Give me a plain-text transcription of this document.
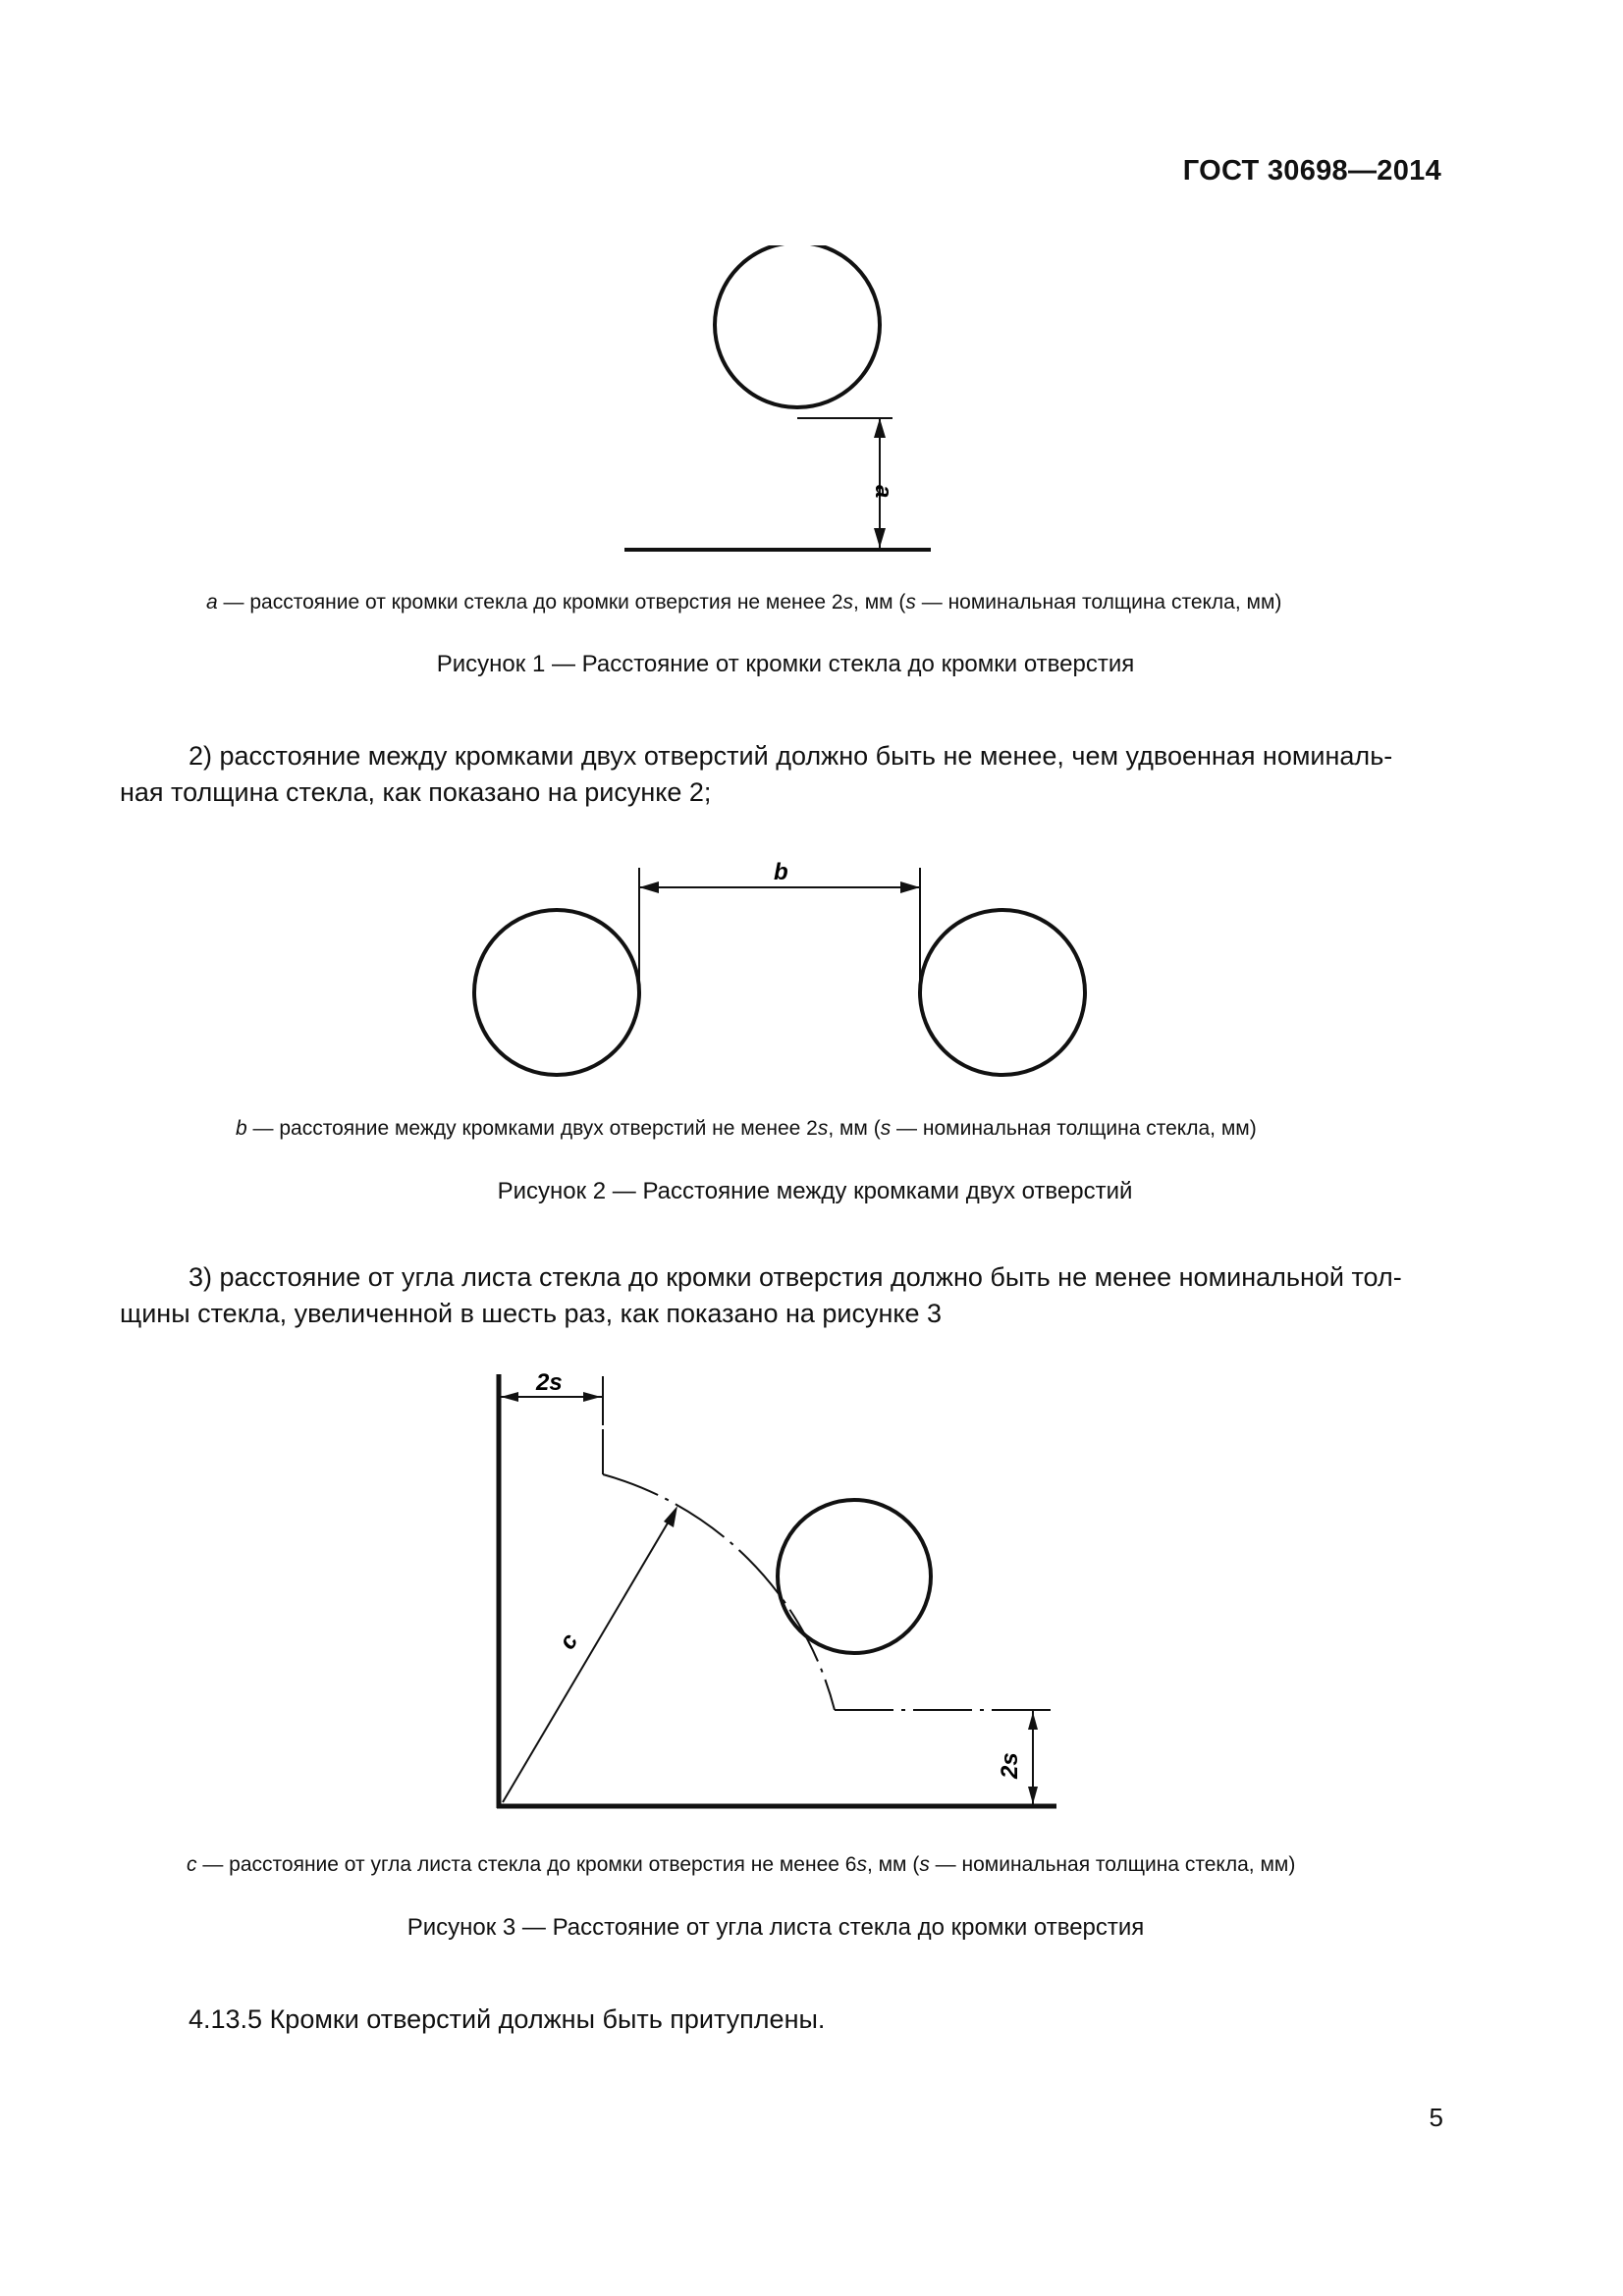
ГОСТ 30698—2014
a
a — расстояние от кромки стекла до кромки отверстия не менее 2s, мм (s — номинальная толщина стекла, мм)
Рисунок 1 — Расстояние от кромки стекла до кромки отверстия
2) расстояние между кромками двух отверстий должно быть не менее, чем удвоенная номиналь-
ная толщина стекла, как показано на рисунке 2;
b
b — расстояние между кромками двух отверстий не менее 2s, мм (s — номинальная толщина стекла, мм)
Рисунок 2 — Расстояние между кромками двух отверстий
3) расстояние от угла листа стекла до кромки отверстия должно быть не менее номинальной тол-
щины стекла, увеличенной в шесть раз, как показано на рисунке 3
2s
c
2s
c — расстояние от угла листа стекла до кромки отверстия не менее 6s, мм (s — номинальная толщина стекла, мм)
Рисунок 3 — Расстояние от угла листа стекла до кромки отверстия
4.13.5 Кромки отверстий должны быть притуплены.
5
